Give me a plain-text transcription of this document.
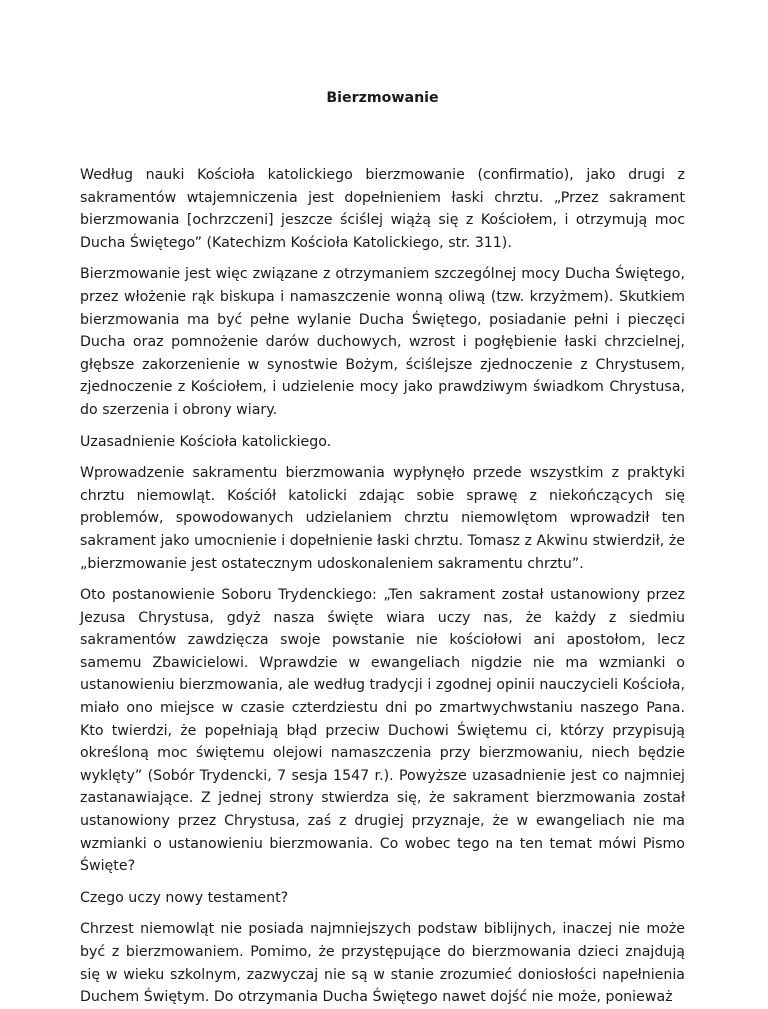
Bierzmowanie

Według nauki Kościoła katolickiego bierzmowanie (confirmatio), jako drugi z sakramentów wtajemniczenia jest dopełnieniem łaski chrztu. „Przez sakrament bierzmowania [ochrzczeni] jeszcze ściślej wiążą się z Kościołem, i otrzymują moc Ducha Świętego” (Katechizm Kościoła Katolickiego, str. 311).

Bierzmowanie jest więc związane z otrzymaniem szczególnej mocy Ducha Świętego, przez włożenie rąk biskupa i namaszczenie wonną oliwą (tzw. krzyżmem). Skutkiem bierzmowania ma być pełne wylanie Ducha Świętego, posiadanie pełni i pieczęci Ducha oraz pomnożenie darów duchowych, wzrost i pogłębienie łaski chrzcielnej, głębsze zakorzenienie w synostwie Bożym, ściślejsze zjednoczenie z Chrystusem, zjednoczenie z Kościołem, i udzielenie mocy jako prawdziwym świadkom Chrystusa, do szerzenia i obrony wiary.

Uzasadnienie Kościoła katolickiego.

Wprowadzenie sakramentu bierzmowania wypłynęło przede wszystkim z praktyki chrztu niemowląt. Kościół katolicki zdając sobie sprawę z niekończących się problemów, spowodowanych udzielaniem chrztu niemowlętom wprowadził ten sakrament jako umocnienie i dopełnienie łaski chrztu. Tomasz z Akwinu stwierdził, że „bierzmowanie jest ostatecznym udoskonaleniem sakramentu chrztu”.

Oto postanowienie Soboru Trydenckiego: „Ten sakrament został ustanowiony przez Jezusa Chrystusa, gdyż nasza święte wiara uczy nas, że każdy z siedmiu sakramentów zawdzięcza swoje powstanie nie kościołowi ani apostołom, lecz samemu Zbawicielowi. Wprawdzie w ewangeliach nigdzie nie ma wzmianki o ustanowieniu bierzmowania, ale według tradycji i zgodnej opinii nauczycieli Kościoła, miało ono miejsce w czasie czterdziestu dni po zmartwychwstaniu naszego Pana. Kto twierdzi, że popełniają błąd przeciw Duchowi Świętemu ci, którzy przypisują określoną moc świętemu olejowi namaszczenia przy bierzmowaniu, niech będzie wyklęty” (Sobór Trydencki, 7 sesja 1547 r.). Powyższe uzasadnienie jest co najmniej zastanawiające. Z jednej strony stwierdza się, że sakrament bierzmowania został ustanowiony przez Chrystusa, zaś z drugiej przyznaje, że w ewangeliach nie ma wzmianki o ustanowieniu bierzmowania. Co wobec tego na ten temat mówi Pismo Święte?

Czego uczy nowy testament?

Chrzest niemowląt nie posiada najmniejszych podstaw biblijnych, inaczej nie może być z bierzmowaniem. Pomimo, że przystępujące do bierzmowania dzieci znajdują się w wieku szkolnym, zazwyczaj nie są w stanie zrozumieć doniosłości napełnienia Duchem Świętym. Do otrzymania Ducha Świętego nawet dojść nie może, ponieważ
